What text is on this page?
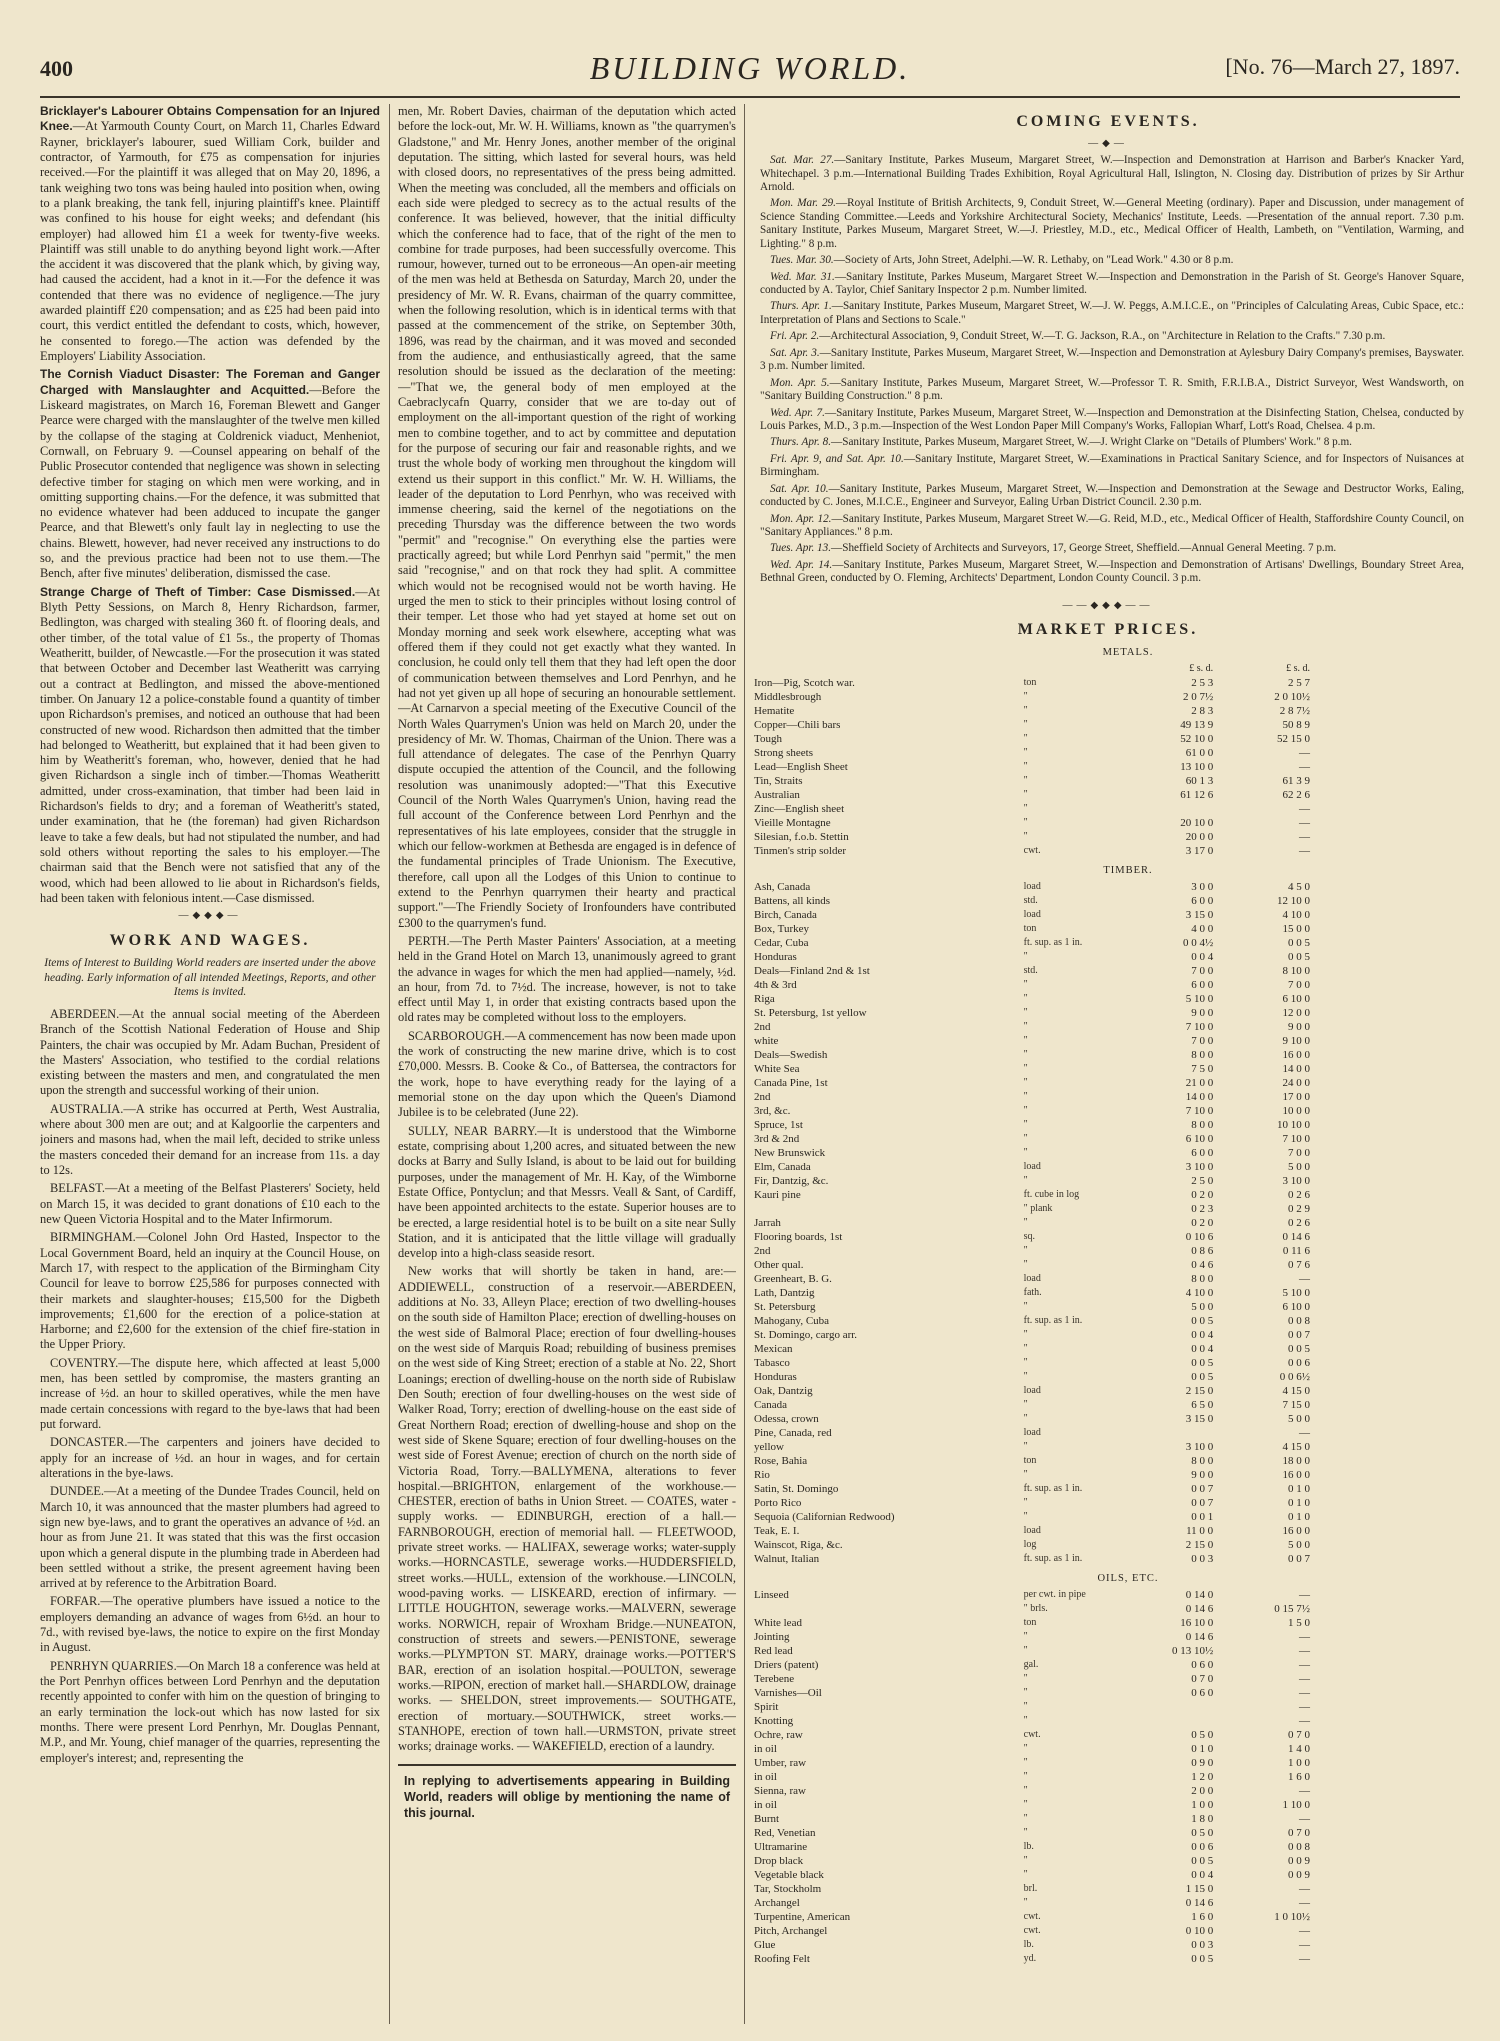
400	BUILDING WORLD.	[No. 76—March 27, 1897.

Bricklayer's Labourer Obtains Compensation for an Injured Knee.—At Yarmouth County Court, on March 11, Charles Edward Rayner, bricklayer's labourer, sued William Cork, builder and contractor, of Yarmouth, for £75 as compensation for injuries received.—For the plaintiff it was alleged that on May 20, 1896, a tank weighing two tons was being hauled into position when, owing to a plank breaking, the tank fell, injuring plaintiff's knee. Plaintiff was confined to his house for eight weeks; and defendant (his employer) had allowed him £1 a week for twenty-five weeks. Plaintiff was still unable to do anything beyond light work.—After the accident it was discovered that the plank which, by giving way, had caused the accident, had a knot in it.—For the defence it was contended that there was no evidence of negligence.—The jury awarded plaintiff £20 compensation; and as £25 had been paid into court, this verdict entitled the defendant to costs, which, however, he consented to forego.—The action was defended by the Employers' Liability Association.

The Cornish Viaduct Disaster: The Foreman and Ganger Charged with Manslaughter and Acquitted.—Before the Liskeard magistrates, on March 16, Foreman Blewett and Ganger Pearce were charged with the manslaughter of the twelve men killed by the collapse of the staging at Coldrenick viaduct, Menheniot, Cornwall, on February 9. —Counsel appearing on behalf of the Public Prosecutor contended that negligence was shown in selecting defective timber for staging on which men were working, and in omitting supporting chains.—For the defence, it was submitted that no evidence whatever had been adduced to incupate the ganger Pearce, and that Blewett's only fault lay in neglecting to use the chains. Blewett, however, had never received any instructions to do so, and the previous practice had been not to use them.—The Bench, after five minutes' deliberation, dismissed the case.

Strange Charge of Theft of Timber: Case Dismissed.—At Blyth Petty Sessions, on March 8, Henry Richardson, farmer, Bedlington, was charged with stealing 360 ft. of flooring deals, and other timber, of the total value of £1 5s., the property of Thomas Weatheritt, builder, of Newcastle.—For the prosecution it was stated that between October and December last Weatheritt was carrying out a contract at Bedlington, and missed the above-mentioned timber. On January 12 a police-constable found a quantity of timber upon Richardson's premises, and noticed an outhouse that had been constructed of new wood. Richardson then admitted that the timber had belonged to Weatheritt, but explained that it had been given to him by Weatheritt's foreman, who, however, denied that he had given Richardson a single inch of timber.—Thomas Weatheritt admitted, under cross-examination, that timber had been laid in Richardson's fields to dry; and a foreman of Weatheritt's stated, under examination, that he (the foreman) had given Richardson leave to take a few deals, but had not stipulated the number, and had sold others without reporting the sales to his employer.—The chairman said that the Bench were not satisfied that any of the wood, which had been allowed to lie about in Richardson's fields, had been taken with felonious intent.—Case dismissed.

—◆◆◆—
WORK AND WAGES.
Items of Interest to Building World readers are inserted under the above heading. Early information of all intended Meetings, Reports, and other Items is invited.

ABERDEEN.—At the annual social meeting of the Aberdeen Branch of the Scottish National Federation of House and Ship Painters, the chair was occupied by Mr. Adam Buchan, President of the Masters' Association, who testified to the cordial relations existing between the masters and men, and congratulated the men upon the strength and successful working of their union.

AUSTRALIA.—A strike has occurred at Perth, West Australia, where about 300 men are out; and at Kalgoorlie the carpenters and joiners and masons had, when the mail left, decided to strike unless the masters conceded their demand for an increase from 11s. a day to 12s.

BELFAST.—At a meeting of the Belfast Plasterers' Society, held on March 15, it was decided to grant donations of £10 each to the new Queen Victoria Hospital and to the Mater Infirmorum.

BIRMINGHAM.—Colonel John Ord Hasted, Inspector to the Local Government Board, held an inquiry at the Council House, on March 17, with respect to the application of the Birmingham City Council for leave to borrow £25,586 for purposes connected with their markets and slaughter-houses; £15,500 for the Digbeth improvements; £1,600 for the erection of a police-station at Harborne; and £2,600 for the extension of the chief fire-station in the Upper Priory.

COVENTRY.—The dispute here, which affected at least 5,000 men, has been settled by compromise, the masters granting an increase of ½d. an hour to skilled operatives, while the men have made certain concessions with regard to the bye-laws that had been put forward.

DONCASTER.—The carpenters and joiners have decided to apply for an increase of ½d. an hour in wages, and for certain alterations in the bye-laws.

DUNDEE.—At a meeting of the Dundee Trades Council, held on March 10, it was announced that the master plumbers had agreed to sign new bye-laws, and to grant the operatives an advance of ½d. an hour as from June 21. It was stated that this was the first occasion upon which a general dispute in the plumbing trade in Aberdeen had been settled without a strike, the present agreement having been arrived at by reference to the Arbitration Board.

FORFAR.—The operative plumbers have issued a notice to the employers demanding an advance of wages from 6½d. an hour to 7d., with revised bye-laws, the notice to expire on the first Monday in August.

PENRHYN QUARRIES.—On March 18 a conference was held at the Port Penrhyn offices between Lord Penrhyn and the deputation recently appointed to confer with him on the question of bringing to an early termination the lock-out which has now lasted for six months. There were present Lord Penrhyn, Mr. Douglas Pennant, M.P., and Mr. Young, chief manager of the quarries, representing the employer's interest; and, representing the

men, Mr. Robert Davies, chairman of the deputation which acted before the lock-out, Mr. W. H. Williams, known as "the quarrymen's Gladstone," and Mr. Henry Jones, another member of the original deputation. The sitting, which lasted for several hours, was held with closed doors, no representatives of the press being admitted. When the meeting was concluded, all the members and officials on each side were pledged to secrecy as to the actual results of the conference. It was believed, however, that the initial difficulty which the conference had to face, that of the right of the men to combine for trade purposes, had been successfully overcome. This rumour, however, turned out to be erroneous—An open-air meeting of the men was held at Bethesda on Saturday, March 20, under the presidency of Mr. W. R. Evans, chairman of the quarry committee, when the following resolution, which is in identical terms with that passed at the commencement of the strike, on September 30th, 1896, was read by the chairman, and it was moved and seconded from the audience, and enthusiastically agreed, that the same resolution should be issued as the declaration of the meeting:—"That we, the general body of men employed at the Caebraclycafn Quarry, consider that we are to-day out of employment on the all-important question of the right of working men to combine together, and to act by committee and deputation for the purpose of securing our fair and reasonable rights, and we trust the whole body of working men throughout the kingdom will extend us their support in this conflict." Mr. W. H. Williams, the leader of the deputation to Lord Penrhyn, who was received with immense cheering, said the kernel of the negotiations on the preceding Thursday was the difference between the two words "permit" and "recognise." On everything else the parties were practically agreed; but while Lord Penrhyn said "permit," the men said "recognise," and on that rock they had split. A committee which would not be recognised would not be worth having. He urged the men to stick to their principles without losing control of their temper. Let those who had yet stayed at home set out on Monday morning and seek work elsewhere, accepting what was offered them if they could not get exactly what they wanted. In conclusion, he could only tell them that they had left open the door of communication between themselves and Lord Penrhyn, and he had not yet given up all hope of securing an honourable settlement.—At Carnarvon a special meeting of the Executive Council of the North Wales Quarrymen's Union was held on March 20, under the presidency of Mr. W. Thomas, Chairman of the Union. There was a full attendance of delegates. The case of the Penrhyn Quarry dispute occupied the attention of the Council, and the following resolution was unanimously adopted:—"That this Executive Council of the North Wales Quarrymen's Union, having read the full account of the Conference between Lord Penrhyn and the representatives of his late employees, consider that the struggle in which our fellow-workmen at Bethesda are engaged is in defence of the fundamental principles of Trade Unionism. The Executive, therefore, call upon all the Lodges of this Union to continue to extend to the Penrhyn quarrymen their hearty and practical support."—The Friendly Society of Ironfounders have contributed £300 to the quarrymen's fund.

PERTH.—The Perth Master Painters' Association, at a meeting held in the Grand Hotel on March 13, unanimously agreed to grant the advance in wages for which the men had applied—namely, ½d. an hour, from 7d. to 7½d. The increase, however, is not to take effect until May 1, in order that existing contracts based upon the old rates may be completed without loss to the employers.

SCARBOROUGH.—A commencement has now been made upon the work of constructing the new marine drive, which is to cost £70,000. Messrs. B. Cooke & Co., of Battersea, the contractors for the work, hope to have everything ready for the laying of a memorial stone on the day upon which the Queen's Diamond Jubilee is to be celebrated (June 22).

SULLY, NEAR BARRY.—It is understood that the Wimborne estate, comprising about 1,200 acres, and situated between the new docks at Barry and Sully Island, is about to be laid out for building purposes, under the management of Mr. H. Kay, of the Wimborne Estate Office, Pontyclun; and that Messrs. Veall & Sant, of Cardiff, have been appointed architects to the estate. Superior houses are to be erected, a large residential hotel is to be built on a site near Sully Station, and it is anticipated that the little village will gradually develop into a high-class seaside resort.

New works that will shortly be taken in hand, are:—ADDIEWELL, construction of a reservoir.—ABERDEEN, additions at No. 33, Alleyn Place; erection of two dwelling-houses on the south side of Hamilton Place; erection of dwelling-houses on the west side of Balmoral Place; erection of four dwelling-houses on the west side of Marquis Road; rebuilding of business premises on the west side of King Street; erection of a stable at No. 22, Short Loanings; erection of dwelling-house on the north side of Rubislaw Den South; erection of four dwelling-houses on the west side of Walker Road, Torry; erection of dwelling-house on the east side of Great Northern Road; erection of dwelling-house and shop on the west side of Skene Square; erection of four dwelling-houses on the west side of Forest Avenue; erection of church on the north side of Victoria Road, Torry.—BALLYMENA, alterations to fever hospital.—BRIGHTON, enlargement of the workhouse.—CHESTER, erection of baths in Union Street. — COATES, water - supply works. — EDINBURGH, erection of a hall.—FARNBOROUGH, erection of memorial hall. — FLEETWOOD, private street works. — HALIFAX, sewerage works; water-supply works.—HORNCASTLE, sewerage works.—HUDDERSFIELD, street works.—HULL, extension of the workhouse.—LINCOLN, wood-paving works. — LISKEARD, erection of infirmary. — LITTLE HOUGHTON, sewerage works.—MALVERN, sewerage works. NORWICH, repair of Wroxham Bridge.—NUNEATON, construction of streets and sewers.—PENISTONE, sewerage works.—PLYMPTON ST. MARY, drainage works.—POTTER'S BAR, erection of an isolation hospital.—POULTON, sewerage works.—RIPON, erection of market hall.—SHARDLOW, drainage works. — SHELDON, street improvements.— SOUTHGATE, erection of mortuary.—SOUTHWICK, street works.—STANHOPE, erection of town hall.—URMSTON, private street works; drainage works. — WAKEFIELD, erection of a laundry.

In replying to advertisements appearing in Building World, readers will oblige by mentioning the name of this journal.
COMING EVENTS.
—◆—

Sat. Mar. 27.—Sanitary Institute, Parkes Museum, Margaret Street, W.—Inspection and Demonstration at Harrison and Barber's Knacker Yard, Whitechapel. 3 p.m.—International Building Trades Exhibition, Royal Agricultural Hall, Islington, N. Closing day. Distribution of prizes by Sir Arthur Arnold.

Mon. Mar. 29.—Royal Institute of British Architects, 9, Conduit Street, W.—General Meeting (ordinary). Paper and Discussion, under management of Science Standing Committee.—Leeds and Yorkshire Architectural Society, Mechanics' Institute, Leeds. —Presentation of the annual report. 7.30 p.m. Sanitary Institute, Parkes Museum, Margaret Street, W.—J. Priestley, M.D., etc., Medical Officer of Health, Lambeth, on "Ventilation, Warming, and Lighting." 8 p.m.

Tues. Mar. 30.—Society of Arts, John Street, Adelphi.—W. R. Lethaby, on "Lead Work." 4.30 or 8 p.m.

Wed. Mar. 31.—Sanitary Institute, Parkes Museum, Margaret Street W.—Inspection and Demonstration in the Parish of St. George's Hanover Square, conducted by A. Taylor, Chief Sanitary Inspector 2 p.m. Number limited.

Thurs. Apr. 1.—Sanitary Institute, Parkes Museum, Margaret Street, W.—J. W. Peggs, A.M.I.C.E., on "Principles of Calculating Areas, Cubic Space, etc.: Interpretation of Plans and Sections to Scale."

Fri. Apr. 2.—Architectural Association, 9, Conduit Street, W.—T. G. Jackson, R.A., on "Architecture in Relation to the Crafts." 7.30 p.m.

Sat. Apr. 3.—Sanitary Institute, Parkes Museum, Margaret Street, W.—Inspection and Demonstration at Aylesbury Dairy Company's premises, Bayswater. 3 p.m. Number limited.

Mon. Apr. 5.—Sanitary Institute, Parkes Museum, Margaret Street, W.—Professor T. R. Smith, F.R.I.B.A., District Surveyor, West Wandsworth, on "Sanitary Building Construction." 8 p.m.

Wed. Apr. 7.—Sanitary Institute, Parkes Museum, Margaret Street, W.—Inspection and Demonstration at the Disinfecting Station, Chelsea, conducted by Louis Parkes, M.D., 3 p.m.—Inspection of the West London Paper Mill Company's Works, Fallopian Wharf, Lott's Road, Chelsea. 4 p.m.

Thurs. Apr. 8.—Sanitary Institute, Parkes Museum, Margaret Street, W.—J. Wright Clarke on "Details of Plumbers' Work." 8 p.m.

Fri. Apr. 9, and Sat. Apr. 10.—Sanitary Institute, Margaret Street, W.—Examinations in Practical Sanitary Science, and for Inspectors of Nuisances at Birmingham.

Sat. Apr. 10.—Sanitary Institute, Parkes Museum, Margaret Street, W.—Inspection and Demonstration at the Sewage and Destructor Works, Ealing, conducted by C. Jones, M.I.C.E., Engineer and Surveyor, Ealing Urban District Council. 2.30 p.m.

Mon. Apr. 12.—Sanitary Institute, Parkes Museum, Margaret Street W.—G. Reid, M.D., etc., Medical Officer of Health, Staffordshire County Council, on "Sanitary Appliances." 8 p.m.

Tues. Apr. 13.—Sheffield Society of Architects and Surveyors, 17, George Street, Sheffield.—Annual General Meeting. 7 p.m.

Wed. Apr. 14.—Sanitary Institute, Parkes Museum, Margaret Street, W.—Inspection and Demonstration of Artisans' Dwellings, Boundary Street Area, Bethnal Green, conducted by O. Fleming, Architects' Department, London County Council. 3 p.m.

——◆◆◆——
MARKET PRICES.
METALS.
		£ s. d.	£ s. d.
Iron—Pig, Scotch war.	ton	2 5 3	2 5 7
Middlesbrough	"	2 0 7½	2 0 10½
Hematite	"	2 8 3	2 8 7½
Copper—Chili bars	"	49 13 9	50 8 9
Tough	"	52 10 0	52 15 0
Strong sheets	"	61 0 0	—
Lead—English Sheet	"	13 10 0	—
Tin, Straits	"	60 1 3	61 3 9
Australian	"	61 12 6	62 2 6
Zinc—English sheet	"		—
Vieille Montagne	"	20 10 0	—
Silesian, f.o.b. Stettin	"	20 0 0	—
Tinmen's strip solder	cwt.	3 17 0	—
TIMBER.
Ash, Canada	load	3 0 0	4 5 0
Battens, all kinds	std.	6 0 0	12 10 0
Birch, Canada	load	3 15 0	4 10 0
Box, Turkey	ton	4 0 0	15 0 0
Cedar, Cuba	ft. sup. as 1 in.	0 0 4½	0 0 5
Honduras	"	0 0 4	0 0 5
Deals—Finland 2nd & 1st	std.	7 0 0	8 10 0
4th & 3rd	"	6 0 0	7 0 0
Riga	"	5 10 0	6 10 0
St. Petersburg, 1st yellow	"	9 0 0	12 0 0
2nd	"	7 10 0	9 0 0
white	"	7 0 0	9 10 0
Deals—Swedish	"	8 0 0	16 0 0
White Sea	"	7 5 0	14 0 0
Canada Pine, 1st	"	21 0 0	24 0 0
2nd	"	14 0 0	17 0 0
3rd, &c.	"	7 10 0	10 0 0
Spruce, 1st	"	8 0 0	10 10 0
3rd & 2nd	"	6 10 0	7 10 0
New Brunswick	"	6 0 0	7 0 0
Elm, Canada	load	3 10 0	5 0 0
Fir, Dantzig, &c.	"	2 5 0	3 10 0
Kauri pine	ft. cube in log	0 2 0	0 2 6
	" plank	0 2 3	0 2 9
Jarrah	"	0 2 0	0 2 6
Flooring boards, 1st	sq.	0 10 6	0 14 6
2nd	"	0 8 6	0 11 6
Other qual.	"	0 4 6	0 7 6
Greenheart, B. G.	load	8 0 0	—
Lath, Dantzig	fath.	4 10 0	5 10 0
St. Petersburg	"	5 0 0	6 10 0
Mahogany, Cuba	ft. sup. as 1 in.	0 0 5	0 0 8
St. Domingo, cargo arr.	"	0 0 4	0 0 7
Mexican	"	0 0 4	0 0 5
Tabasco	"	0 0 5	0 0 6
Honduras	"	0 0 5	0 0 6½
Oak, Dantzig	load	2 15 0	4 15 0
Canada	"	6 5 0	7 15 0
Odessa, crown	"	3 15 0	5 0 0
Pine, Canada, red	load		—
yellow	"	3 10 0	4 15 0
Rose, Bahia	ton	8 0 0	18 0 0
Rio	"	9 0 0	16 0 0
Satin, St. Domingo	ft. sup. as 1 in.	0 0 7	0 1 0
Porto Rico	"	0 0 7	0 1 0
Sequoia (Californian Redwood)	"	0 0 1	0 1 0
Teak, E. I.	load	11 0 0	16 0 0
Wainscot, Riga, &c.	log	2 15 0	5 0 0
Walnut, Italian	ft. sup. as 1 in.	0 0 3	0 0 7
OILS, ETC.
Linseed	per cwt. in pipe	0 14 0	—
	" brls.	0 14 6	0 15 7½
White lead	ton	16 10 0	1 5 0
Jointing	"	0 14 6	—
Red lead	"	0 13 10½	—
Driers (patent)	gal.	0 6 0	—
Terebene	"	0 7 0	—
Varnishes—Oil	"	0 6 0	—
Spirit	"		—
Knotting	"		—
Ochre, raw	cwt.	0 5 0	0 7 0
in oil	"	0 1 0	1 4 0
Umber, raw	"	0 9 0	1 0 0
in oil	"	1 2 0	1 6 0
Sienna, raw	"	2 0 0	—
in oil	"	1 0 0	1 10 0
Burnt	"	1 8 0	—
Red, Venetian	"	0 5 0	0 7 0
Ultramarine	lb.	0 0 6	0 0 8
Drop black	"	0 0 5	0 0 9
Vegetable black	"	0 0 4	0 0 9
Tar, Stockholm	brl.	1 15 0	—
Archangel	"	0 14 6	—
Turpentine, American	cwt.	1 6 0	1 0 10½
Pitch, Archangel	cwt.	0 10 0	—
Glue	lb.	0 0 3	—
Roofing Felt	yd.	0 0 5	—
